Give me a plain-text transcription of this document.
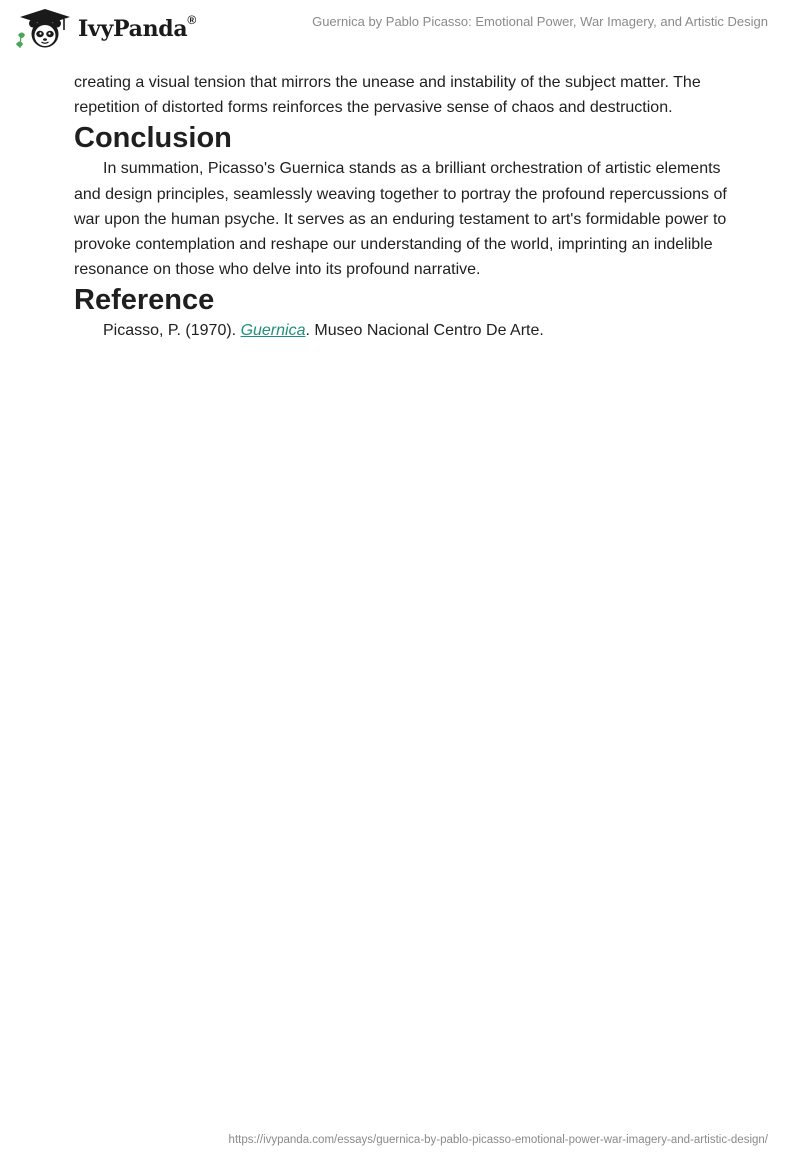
IvyPanda®	Guernica by Pablo Picasso: Emotional Power, War Imagery, and Artistic Design

creating a visual tension that mirrors the unease and instability of the subject matter. The repetition of distorted forms reinforces the pervasive sense of chaos and destruction.

Conclusion

In summation, Picasso's Guernica stands as a brilliant orchestration of artistic elements and design principles, seamlessly weaving together to portray the profound repercussions of war upon the human psyche. It serves as an enduring testament to art's formidable power to provoke contemplation and reshape our understanding of the world, imprinting an indelible resonance on those who delve into its profound narrative.

Reference

Picasso, P. (1970). Guernica. Museo Nacional Centro De Arte.

https://ivypanda.com/essays/guernica-by-pablo-picasso-emotional-power-war-imagery-and-artistic-design/
